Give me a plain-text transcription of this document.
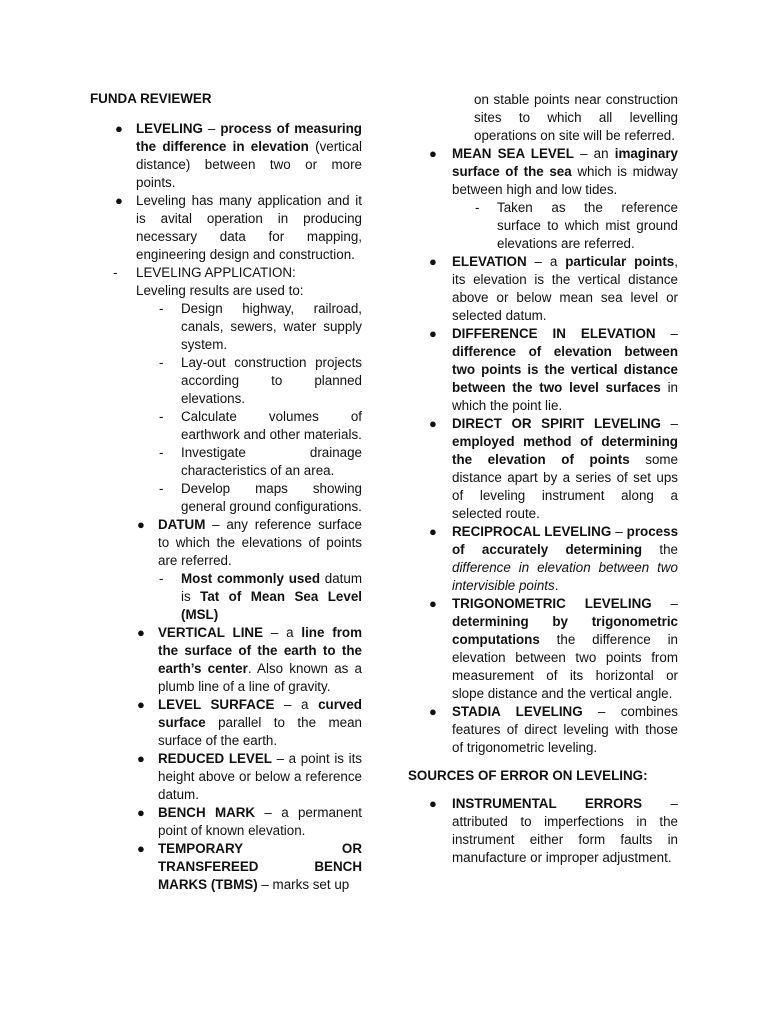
FUNDA REVIEWER
● LEVELING – process of measuring the difference in elevation (vertical distance) between two or more points.
● Leveling has many application and it is avital operation in producing necessary data for mapping, engineering design and construction.
- LEVELING APPLICATION:
Leveling results are used to:
- Design highway, railroad, canals, sewers, water supply system.
- Lay-out construction projects according to planned elevations.
- Calculate volumes of earthwork and other materials.
- Investigate drainage characteristics of an area.
- Develop maps showing general ground configurations.
● DATUM – any reference surface to which the elevations of points are referred.
- Most commonly used datum is Tat of Mean Sea Level (MSL)
● VERTICAL LINE – a line from the surface of the earth to the earth’s center. Also known as a plumb line of a line of gravity.
● LEVEL SURFACE – a curved surface parallel to the mean surface of the earth.
● REDUCED LEVEL – a point is its height above or below a reference datum.
● BENCH MARK – a permanent point of known elevation.
● TEMPORARY OR TRANSFEREED BENCH MARKS (TBMS) – marks set up
on stable points near construction sites to which all levelling operations on site will be referred.
● MEAN SEA LEVEL – an imaginary surface of the sea which is midway between high and low tides.
- Taken as the reference surface to which mist ground elevations are referred.
● ELEVATION – a particular points, its elevation is the vertical distance above or below mean sea level or selected datum.
● DIFFERENCE IN ELEVATION – difference of elevation between two points is the vertical distance between the two level surfaces in which the point lie.
● DIRECT OR SPIRIT LEVELING – employed method of determining the elevation of points some distance apart by a series of set ups of leveling instrument along a selected route.
● RECIPROCAL LEVELING – process of accurately determining the difference in elevation between two intervisible points.
● TRIGONOMETRIC LEVELING – determining by trigonometric computations the difference in elevation between two points from measurement of its horizontal or slope distance and the vertical angle.
● STADIA LEVELING – combines features of direct leveling with those of trigonometric leveling.
SOURCES OF ERROR ON LEVELING:
● INSTRUMENTAL ERRORS – attributed to imperfections in the instrument either form faults in manufacture or improper adjustment.
